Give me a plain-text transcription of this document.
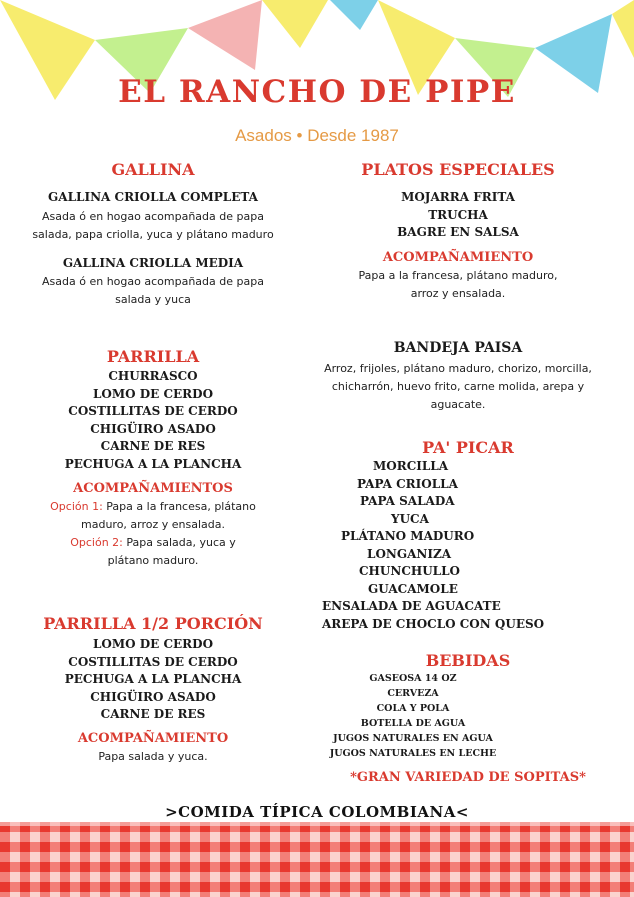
EL RANCHO DE PIPE
Asados • Desde 1987
GALLINA
GALLINA CRIOLLA COMPLETA
Asada ó en hogao acompañada de papa salada, papa criolla, yuca y plátano maduro
GALLINA CRIOLLA MEDIA
Asada ó en hogao acompañada de papa salada y yuca
PARRILLA
CHURRASCO
LOMO DE CERDO
COSTILLITAS DE CERDO
CHIGÜIRO ASADO
CARNE DE RES
PECHUGA A LA PLANCHA
ACOMPAÑAMIENTOS
Opción 1: Papa a la francesa, plátano maduro, arroz y ensalada.
Opción 2: Papa salada, yuca y plátano maduro.
PARRILLA 1/2 PORCIÓN
LOMO DE CERDO
COSTILLITAS DE CERDO
PECHUGA A LA PLANCHA
CHIGÜIRO ASADO
CARNE DE RES
ACOMPAÑAMIENTO
Papa salada y yuca.
PLATOS ESPECIALES
MOJARRA FRITA
TRUCHA
BAGRE EN SALSA
ACOMPAÑAMIENTO
Papa a la francesa, plátano maduro, arroz y ensalada.
BANDEJA PAISA
Arroz, frijoles, plátano maduro, chorizo, morcilla, chicharrón, huevo frito, carne molida, arepa y aguacate.
PA' PICAR
MORCILLA
PAPA CRIOLLA
PAPA SALADA
YUCA
PLÁTANO MADURO
LONGANIZA
CHUNCHULLO
GUACAMOLE
ENSALADA DE AGUACATE
AREPA DE CHOCLO CON QUESO
BEBIDAS
GASEOSA 14 OZ
CERVEZA
COLA Y POLA
BOTELLA DE AGUA
JUGOS NATURALES EN AGUA
JUGOS NATURALES EN LECHE
*GRAN VARIEDAD DE SOPITAS*
>COMIDA TÍPICA COLOMBIANA<
